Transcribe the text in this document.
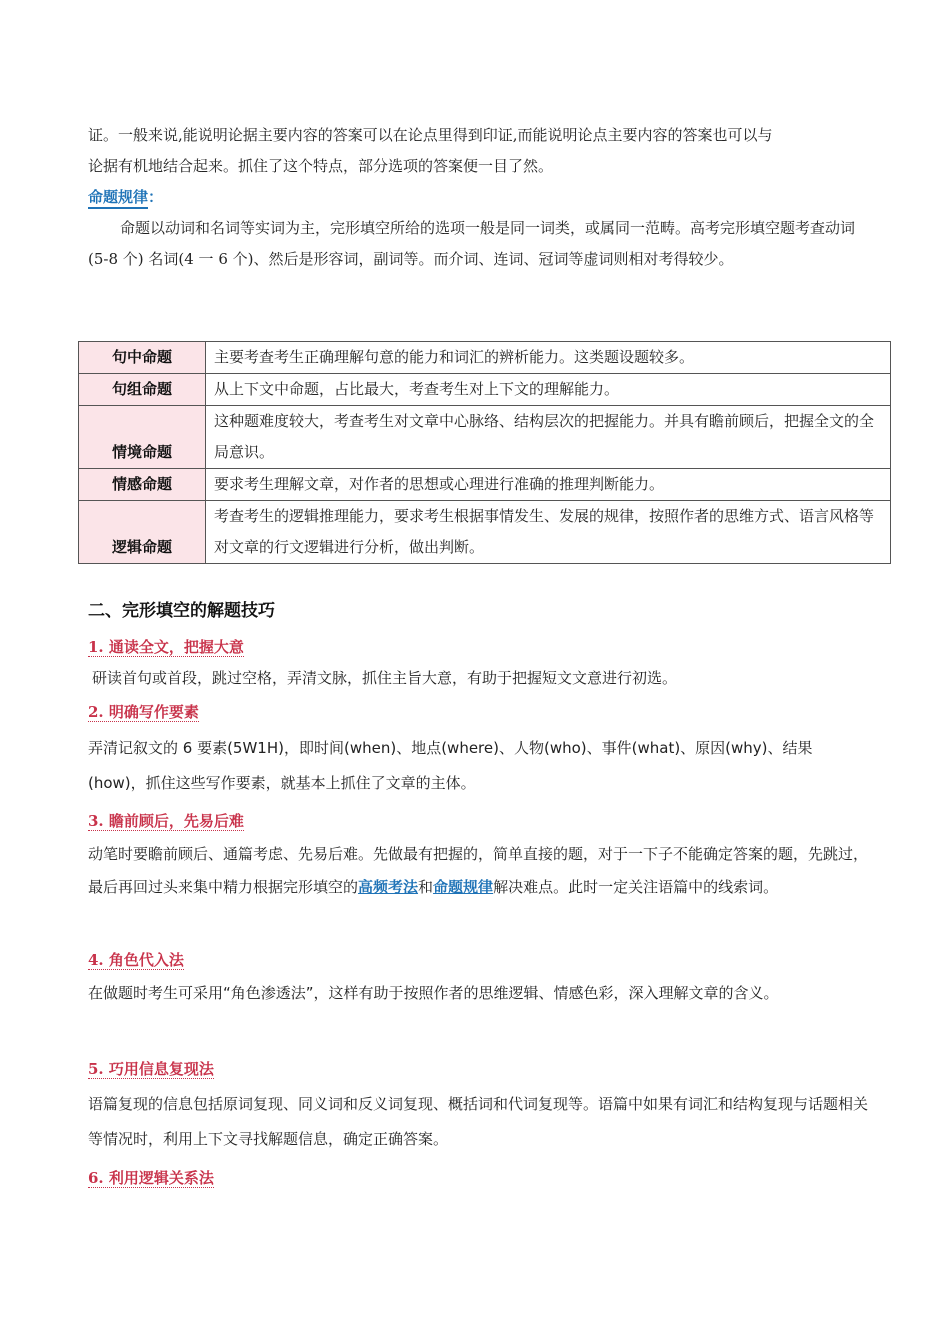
证。一般来说,能说明论据主要内容的答案可以在论点里得到印证,而能说明论点主要内容的答案也可以与

论据有机地结合起来。抓住了这个特点，部分选项的答案便一目了然。

命题规律：

命题以动词和名词等实词为主，完形填空所给的选项一般是同一词类，或属同一范畴。高考完形填空题考查动词(5-8 个) 名词(4 一 6 个)、然后是形容词，副词等。而介词、连词、冠词等虚词则相对考得较少。

句中命题	主要考查考生正确理解句意的能力和词汇的辨析能力。这类题设题较多。
句组命题	从上下文中命题，占比最大，考查考生对上下文的理解能力。
情境命题	这种题难度较大，考查考生对文章中心脉络、结构层次的把握能力。并具有瞻前顾后，把握全文的全局意识。
情感命题	要求考生理解文章，对作者的思想或心理进行准确的推理判断能力。
逻辑命题	考查考生的逻辑推理能力，要求考生根据事情发生、发展的规律，按照作者的思维方式、语言风格等对文章的行文逻辑进行分析，做出判断。
二、完形填空的解题技巧
1. 通读全文，把握大意

研读首句或首段，跳过空格，弄清文脉，抓住主旨大意，有助于把握短文文意进行初选。

2. 明确写作要素

弄清记叙文的 6 要素(5W1H)，即时间(when)、地点(where)、人物(who)、事件(what)、原因(why)、结果(how)，抓住这些写作要素，就基本上抓住了文章的主体。

3. 瞻前顾后，先易后难

动笔时要瞻前顾后、通篇考虑、先易后难。先做最有把握的，简单直接的题，对于一下子不能确定答案的题，先跳过，最后再回过头来集中精力根据完形填空的高频考法和命题规律解决难点。此时一定关注语篇中的线索词。

4. 角色代入法

在做题时考生可采用“角色渗透法”，这样有助于按照作者的思维逻辑、情感色彩，深入理解文章的含义。

5. 巧用信息复现法

语篇复现的信息包括原词复现、同义词和反义词复现、概括词和代词复现等。语篇中如果有词汇和结构复现与话题相关等情况时，利用上下文寻找解题信息，确定正确答案。

6. 利用逻辑关系法
